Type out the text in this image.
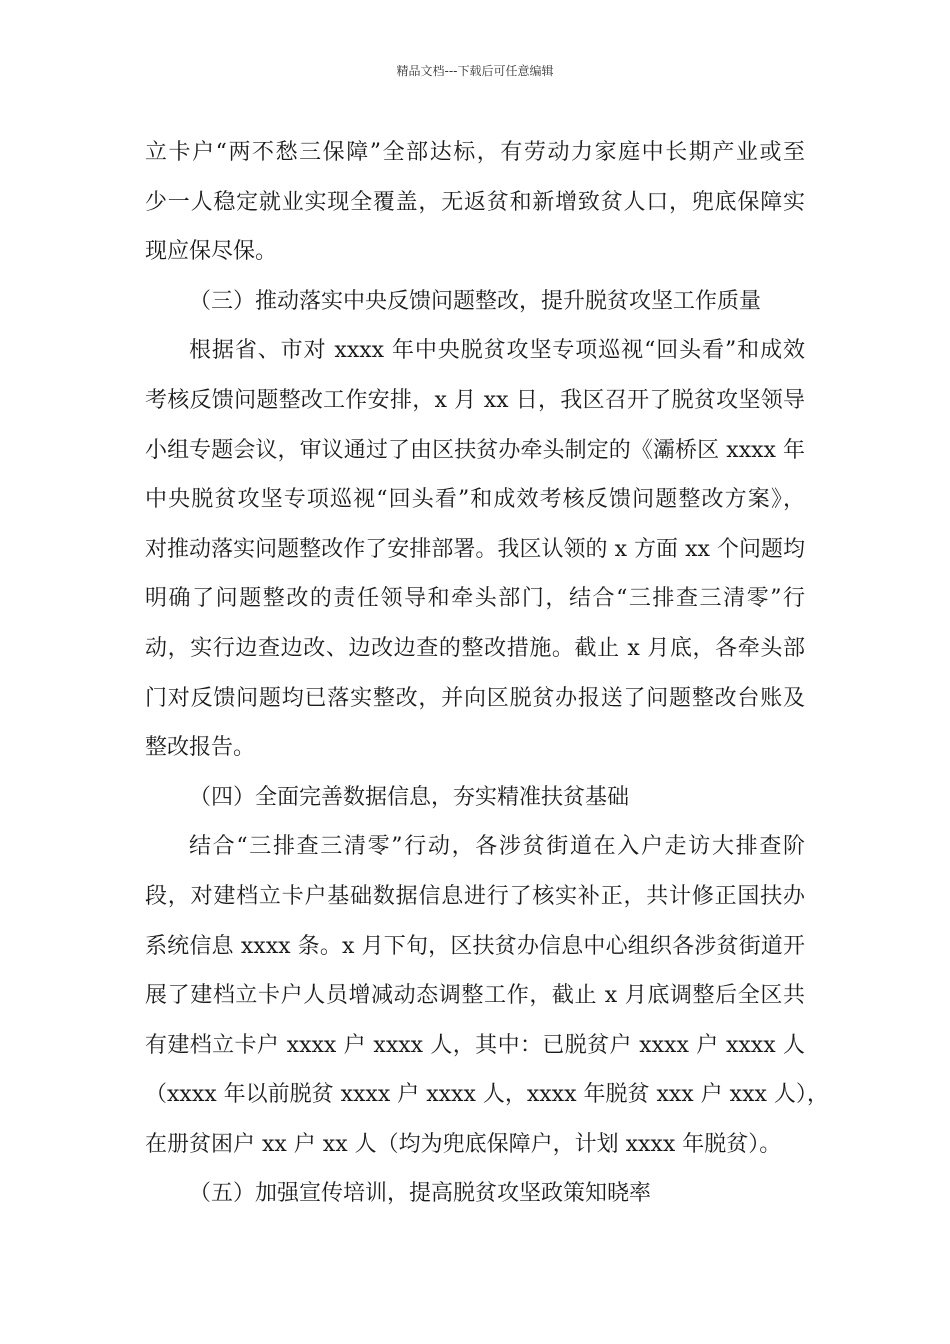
精品文档---下载后可任意编辑
立卡户“两不愁三保障”全部达标，有劳动力家庭中长期产业或至
少一人稳定就业实现全覆盖，无返贫和新增致贫人口，兜底保障实
现应保尽保。
（三）推动落实中央反馈问题整改，提升脱贫攻坚工作质量
根据省、市对 xxxx 年中央脱贫攻坚专项巡视“回头看”和成效
考核反馈问题整改工作安排，x 月 xx 日，我区召开了脱贫攻坚领导
小组专题会议，审议通过了由区扶贫办牵头制定的《灞桥区 xxxx 年
中央脱贫攻坚专项巡视“回头看”和成效考核反馈问题整改方案》，
对推动落实问题整改作了安排部署。我区认领的 x 方面 xx 个问题均
明确了问题整改的责任领导和牵头部门，结合“三排查三清零”行
动，实行边查边改、边改边查的整改措施。截止 x 月底，各牵头部
门对反馈问题均已落实整改，并向区脱贫办报送了问题整改台账及
整改报告。
（四）全面完善数据信息，夯实精准扶贫基础
结合“三排查三清零”行动，各涉贫街道在入户走访大排查阶
段，对建档立卡户基础数据信息进行了核实补正，共计修正国扶办
系统信息 xxxx 条。x 月下旬，区扶贫办信息中心组织各涉贫街道开
展了建档立卡户人员增减动态调整工作，截止 x 月底调整后全区共
有建档立卡户 xxxx 户 xxxx 人，其中：已脱贫户 xxxx 户 xxxx 人
（xxxx 年以前脱贫 xxxx 户 xxxx 人，xxxx 年脱贫 xxx 户 xxx 人），
在册贫困户 xx 户 xx 人（均为兜底保障户，计划 xxxx 年脱贫）。
（五）加强宣传培训，提高脱贫攻坚政策知晓率
